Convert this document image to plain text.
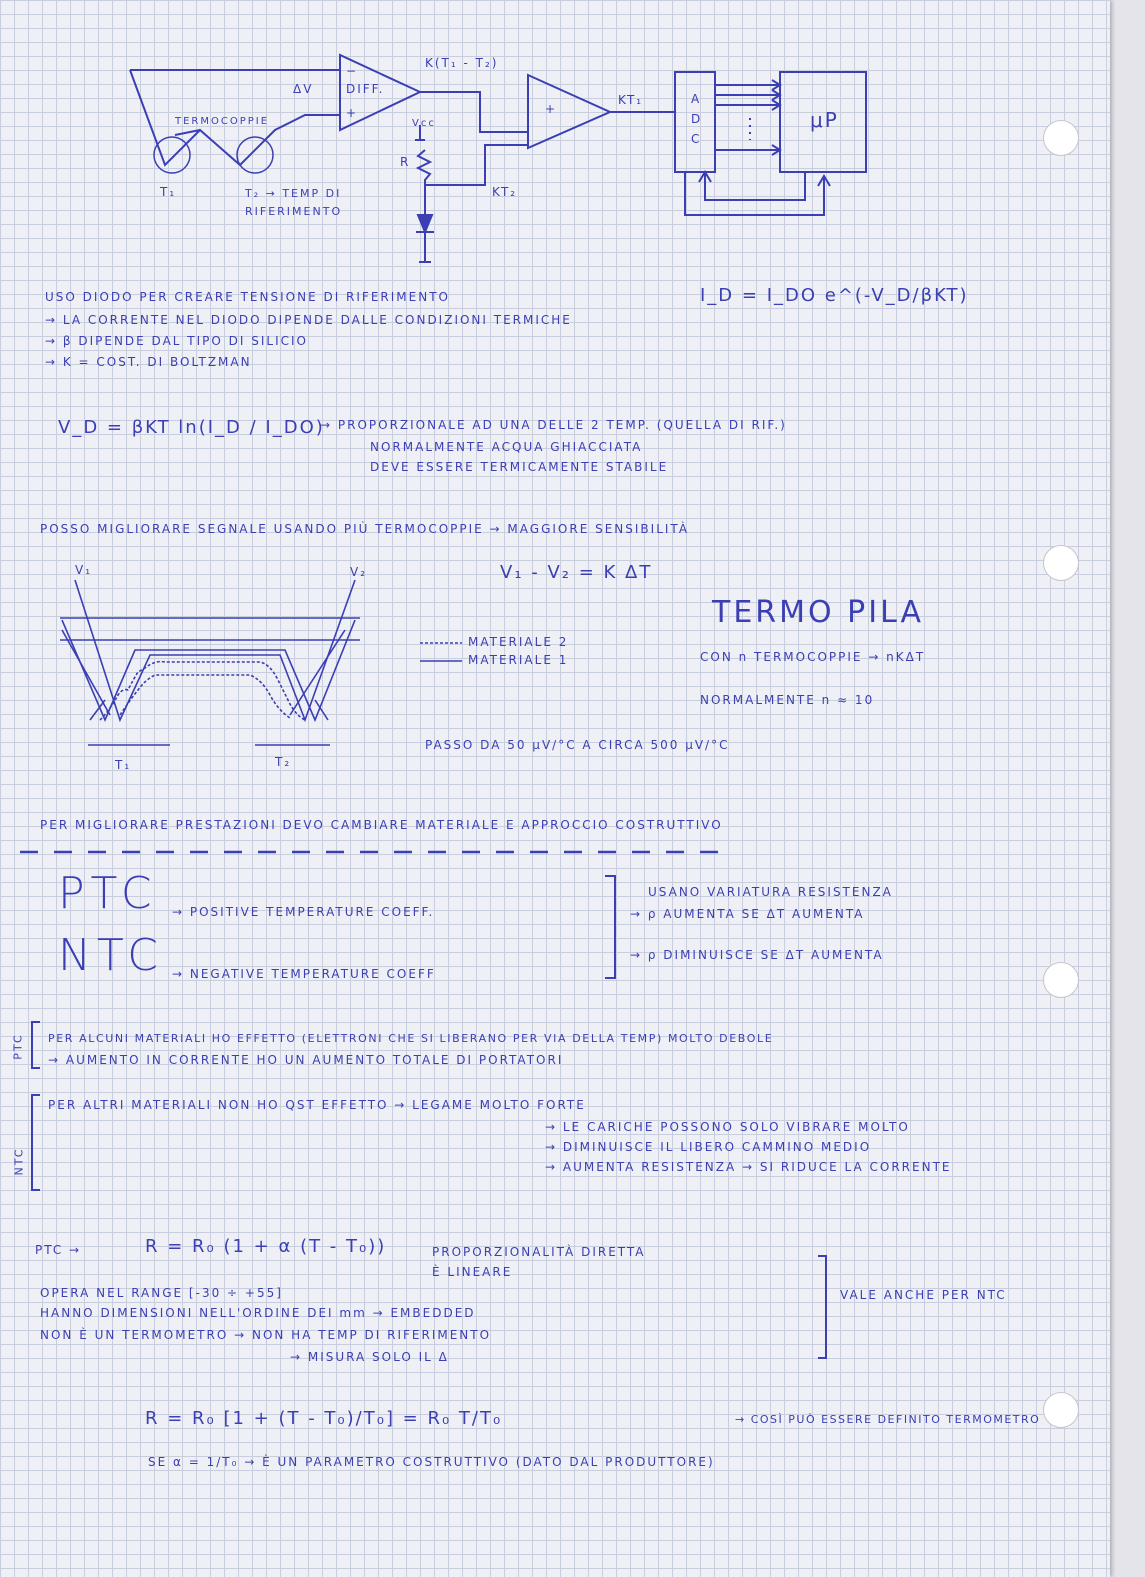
DIFF.
−
+
ΔV
TERMOCOPPIE
T₁	T₂ → TEMP DI RIFERIMENTO
K(T₁ - T₂)
+
KT₁
Vcc
R
KT₂
A
D
C
μP
USO DIODO PER CREARE TENSIONE DI RIFERIMENTO	I_D = I_DO e^(-V_D/βKT)
→ LA CORRENTE NEL DIODO DIPENDE DALLE CONDIZIONI TERMICHE
→ β DIPENDE DAL TIPO DI SILICIO
→ K = COST. DI BOLTZMAN
V_D = βKT ln(I_D / I_DO)
→ PROPORZIONALE AD UNA DELLE 2 TEMP. (QUELLA DI RIF.)
NORMALMENTE ACQUA GHIACCIATA
DEVE ESSERE TERMICAMENTE STABILE
POSSO MIGLIORARE SEGNALE USANDO PIÙ TERMOCOPPIE → MAGGIORE SENSIBILITÀ
V₁	V₂
T₁	T₂
V₁ - V₂ = K ΔT
MATERIALE 2
MATERIALE 1
TERMO PILA
CON n TERMOCOPPIE → nKΔT
NORMALMENTE n ≈ 10
PASSO DA 50 μV/°C A CIRCA 500 μV/°C
PER MIGLIORARE PRESTAZIONI DEVO CAMBIARE MATERIALE E APPROCCIO COSTRUTTIVO
PTC → POSITIVE TEMPERATURE COEFF.
NTC → NEGATIVE TEMPERATURE COEFF
USANO VARIATURA RESISTENZA
→ ρ AUMENTA SE ΔT AUMENTA
→ ρ DIMINUISCE SE ΔT AUMENTA
PTC
NTC
PER ALCUNI MATERIALI HO EFFETTO (ELETTRONI CHE SI LIBERANO PER VIA DELLA TEMP) MOLTO DEBOLE
→ AUMENTO IN CORRENTE HO UN AUMENTO TOTALE DI PORTATORI
PER ALTRI MATERIALI NON HO QST EFFETTO → LEGAME MOLTO FORTE
→ LE CARICHE POSSONO SOLO VIBRARE MOLTO
→ DIMINUISCE IL LIBERO CAMMINO MEDIO
→ AUMENTA RESISTENZA → SI RIDUCE LA CORRENTE
PTC →	R = R₀ (1 + α (T - T₀))	PROPORZIONALITÀ DIRETTA
È LINEARE
OPERA NEL RANGE [-30 ÷ +55]
HANNO DIMENSIONI NELL'ORDINE DEI mm → EMBEDDED
NON È UN TERMOMETRO → NON HA TEMP DI RIFERIMENTO
→ MISURA SOLO IL Δ
VALE ANCHE PER NTC
R = R₀ [1 + (T - T₀)/T₀] = R₀ T/T₀	→ COSÌ PUÒ ESSERE DEFINITO TERMOMETRO
SE α = 1/T₀ → È UN PARAMETRO COSTRUTTIVO (DATO DAL PRODUTTORE)
